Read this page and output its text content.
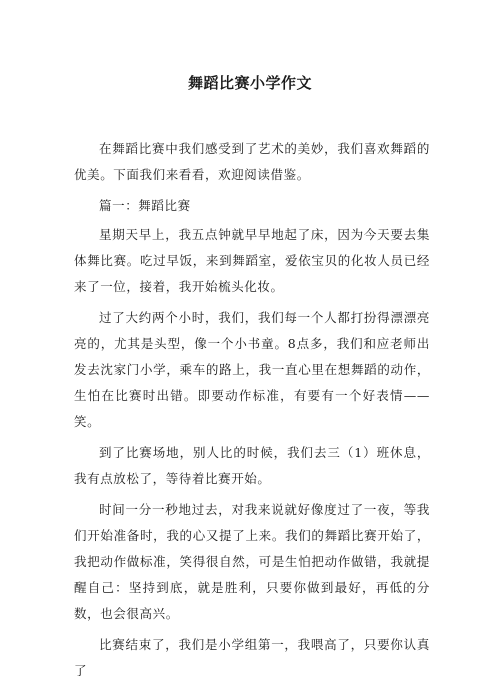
舞蹈比赛小学作文

在舞蹈比赛中我们感受到了艺术的美妙，我们喜欢舞蹈的优美。下面我们来看看，欢迎阅读借鉴。

篇一：舞蹈比赛

星期天早上，我五点钟就早早地起了床，因为今天要去集体舞比赛。吃过早饭，来到舞蹈室，爱依宝贝的化妆人员已经来了一位，接着，我开始梳头化妆。

过了大约两个小时，我们，我们每一个人都打扮得漂漂亮亮的，尤其是头型，像一个小书童。8点多，我们和应老师出发去沈家门小学，乘车的路上，我一直心里在想舞蹈的动作，生怕在比赛时出错。即要动作标准，有要有一个好表情——笑。

到了比赛场地，别人比的时候，我们去三（1）班休息，我有点放松了，等待着比赛开始。

时间一分一秒地过去，对我来说就好像度过了一夜，等我们开始准备时，我的心又提了上来。我们的舞蹈比赛开始了，我把动作做标准，笑得很自然，可是生怕把动作做错，我就提醒自己：坚持到底，就是胜利，只要你做到最好，再低的分数，也会很高兴。

比赛结束了，我们是小学组第一，我喂高了，只要你认真了
